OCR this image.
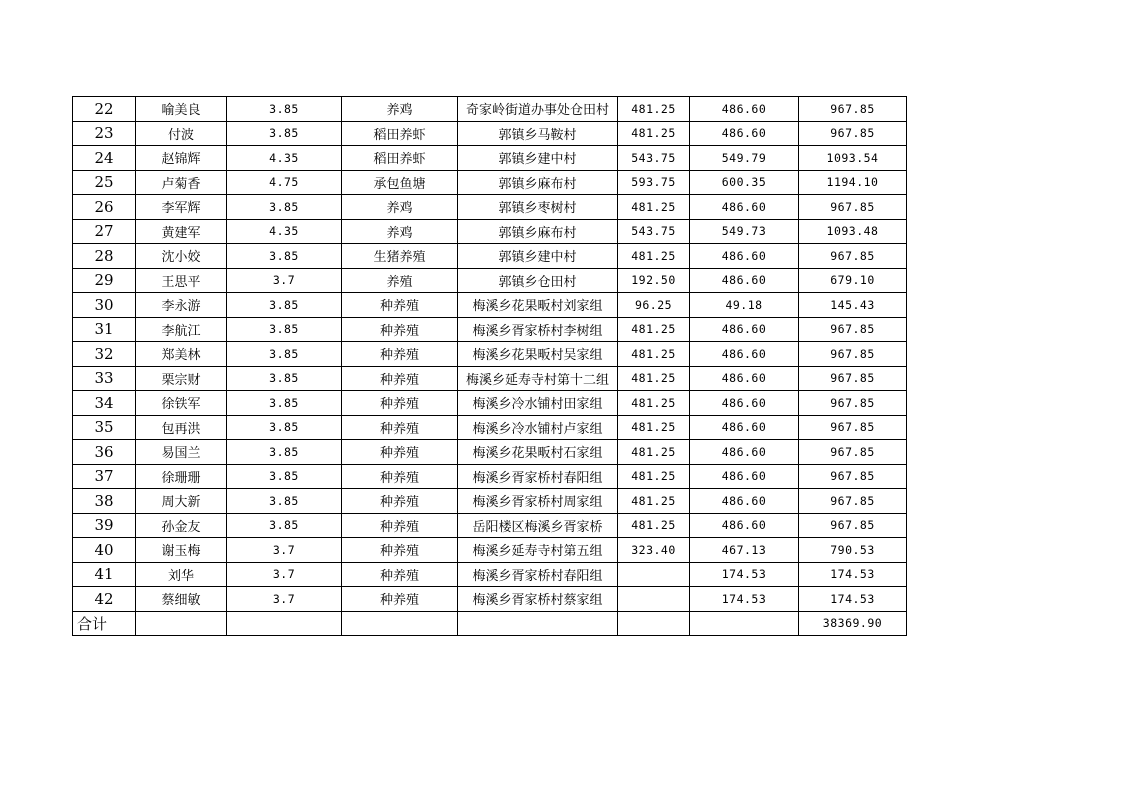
22	喻美良	3.85	养鸡	奇家岭街道办事处仓田村	481.25	486.60	967.85
23	付波	3.85	稻田养虾	郭镇乡马鞍村	481.25	486.60	967.85
24	赵锦辉	4.35	稻田养虾	郭镇乡建中村	543.75	549.79	1093.54
25	卢菊香	4.75	承包鱼塘	郭镇乡麻布村	593.75	600.35	1194.10
26	李军辉	3.85	养鸡	郭镇乡枣树村	481.25	486.60	967.85
27	黄建军	4.35	养鸡	郭镇乡麻布村	543.75	549.73	1093.48
28	沈小姣	3.85	生猪养殖	郭镇乡建中村	481.25	486.60	967.85
29	王思平	3.7	养殖	郭镇乡仓田村	192.50	486.60	679.10
30	李永游	3.85	种养殖	梅溪乡花果畈村刘家组	96.25	49.18	145.43
31	李航江	3.85	种养殖	梅溪乡胥家桥村李树组	481.25	486.60	967.85
32	郑美林	3.85	种养殖	梅溪乡花果畈村吴家组	481.25	486.60	967.85
33	栗宗财	3.85	种养殖	梅溪乡延寿寺村第十二组	481.25	486.60	967.85
34	徐铁军	3.85	种养殖	梅溪乡冷水铺村田家组	481.25	486.60	967.85
35	包再洪	3.85	种养殖	梅溪乡冷水铺村卢家组	481.25	486.60	967.85
36	易国兰	3.85	种养殖	梅溪乡花果畈村石家组	481.25	486.60	967.85
37	徐珊珊	3.85	种养殖	梅溪乡胥家桥村春阳组	481.25	486.60	967.85
38	周大新	3.85	种养殖	梅溪乡胥家桥村周家组	481.25	486.60	967.85
39	孙金友	3.85	种养殖	岳阳楼区梅溪乡胥家桥	481.25	486.60	967.85
40	谢玉梅	3.7	种养殖	梅溪乡延寿寺村第五组	323.40	467.13	790.53
41	刘华	3.7	种养殖	梅溪乡胥家桥村春阳组		174.53	174.53
42	蔡细敏	3.7	种养殖	梅溪乡胥家桥村蔡家组		174.53	174.53
合计							38369.90
